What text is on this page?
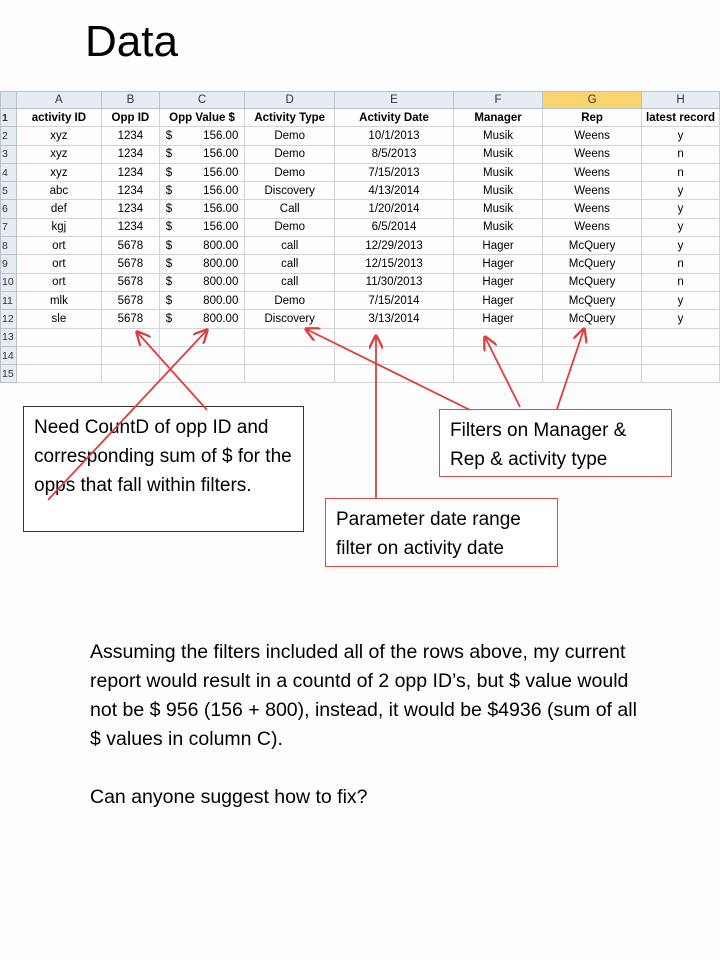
Data
	A	B	C	D	E	F	G	H
1	activity ID	Opp ID	Opp Value $	Activity Type	Activity Date	Manager	Rep	latest record
2	xyz	1234	$ 156.00	Demo	10/1/2013	Musik	Weens	y
3	xyz	1234	$ 156.00	Demo	8/5/2013	Musik	Weens	n
4	xyz	1234	$ 156.00	Demo	7/15/2013	Musik	Weens	n
5	abc	1234	$ 156.00	Discovery	4/13/2014	Musik	Weens	y
6	def	1234	$ 156.00	Call	1/20/2014	Musik	Weens	y
7	kgj	1234	$ 156.00	Demo	6/5/2014	Musik	Weens	y
8	ort	5678	$ 800.00	call	12/29/2013	Hager	McQuery	y
9	ort	5678	$ 800.00	call	12/15/2013	Hager	McQuery	n
10	ort	5678	$ 800.00	call	11/30/2013	Hager	McQuery	n
11	mlk	5678	$ 800.00	Demo	7/15/2014	Hager	McQuery	y
12	sle	5678	$ 800.00	Discovery	3/13/2014	Hager	McQuery	y
13								
14								
15								
Need CountD of opp ID and corresponding sum of $ for the opps that fall within filters.
Filters on Manager & Rep & activity type
Parameter date range filter on activity date

Assuming the filters included all of the rows above, my current report would result in a countd of 2 opp ID’s, but $ value would not be $ 956 (156 + 800), instead, it would be $4936 (sum of all $ values in column C).

Can anyone suggest how to fix?
